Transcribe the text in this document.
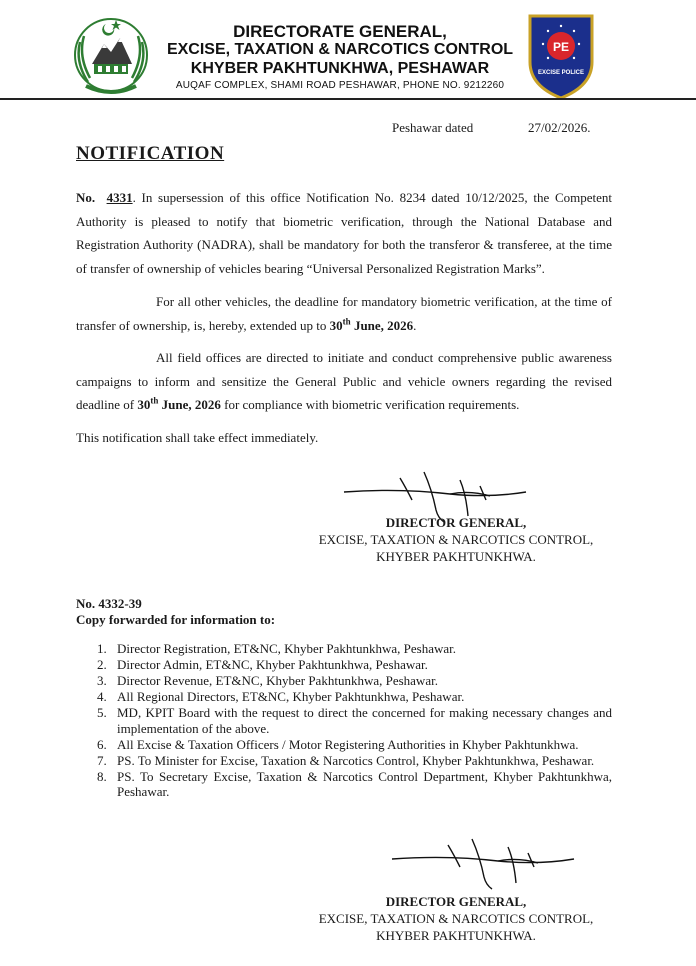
DIRECTORATE GENERAL,
EXCISE, TAXATION & NARCOTICS CONTROL
KHYBER PAKHTUNKHWA, PESHAWAR
AUQAF COMPLEX, SHAMI ROAD PESHAWAR, PHONE NO. 9212260
PE
EXCISE POLICE
Peshawar dated	27/02/2026.
NOTIFICATION
No. 4331. In supersession of this office Notification No. 8234 dated 10/12/2025, the Competent Authority is pleased to notify that biometric verification, through the National Database and Registration Authority (NADRA), shall be mandatory for both the transferor & transferee, at the time of transfer of ownership of vehicles bearing “Universal Personalized Registration Marks”.
For all other vehicles, the deadline for mandatory biometric verification, at the time of transfer of ownership, is, hereby, extended up to 30th June, 2026.
All field offices are directed to initiate and conduct comprehensive public awareness campaigns to inform and sensitize the General Public and vehicle owners regarding the revised deadline of 30th June, 2026 for compliance with biometric verification requirements.
This notification shall take effect immediately.
DIRECTOR GENERAL,
EXCISE, TAXATION & NARCOTICS CONTROL,
KHYBER PAKHTUNKHWA.
No. 4332-39
Copy forwarded for information to:
1. Director Registration, ET&NC, Khyber Pakhtunkhwa, Peshawar.
2. Director Admin, ET&NC, Khyber Pakhtunkhwa, Peshawar.
3. Director Revenue, ET&NC, Khyber Pakhtunkhwa, Peshawar.
4. All Regional Directors, ET&NC, Khyber Pakhtunkhwa, Peshawar.
5. MD, KPIT Board with the request to direct the concerned for making necessary changes and implementation of the above.
6. All Excise & Taxation Officers / Motor Registering Authorities in Khyber Pakhtunkhwa.
7. PS. To Minister for Excise, Taxation & Narcotics Control, Khyber Pakhtunkhwa, Peshawar.
8. PS. To Secretary Excise, Taxation & Narcotics Control Department, Khyber Pakhtunkhwa, Peshawar.
DIRECTOR GENERAL,
EXCISE, TAXATION & NARCOTICS CONTROL,
KHYBER PAKHTUNKHWA.
